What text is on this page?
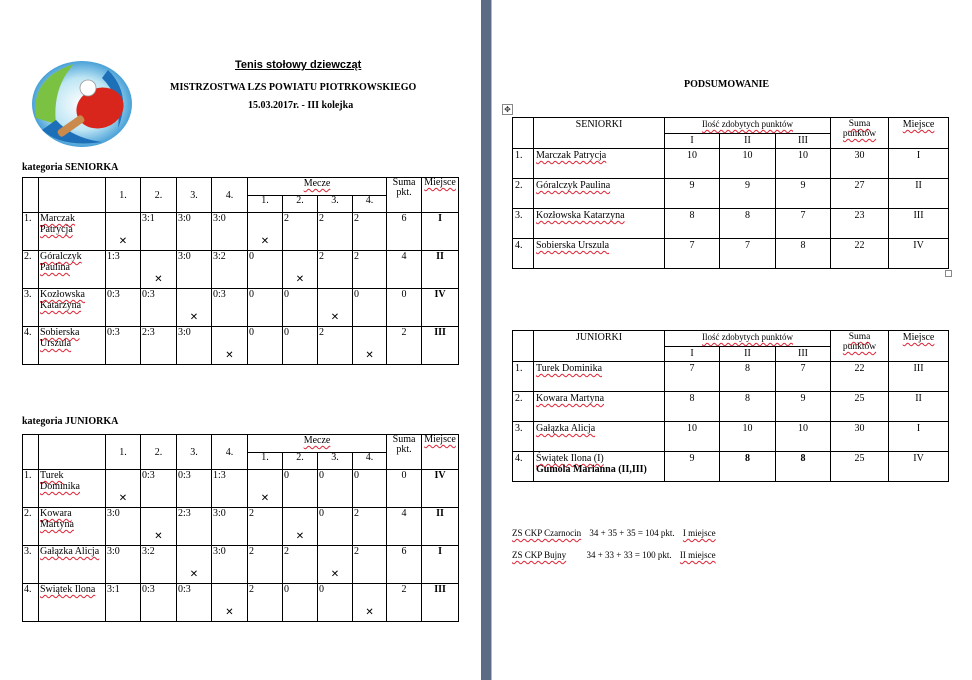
Tenis stołowy dziewcząt
MISTRZOSTWA LZS POWIATU PIOTRKOWSKIEGO
15.03.2017r. - III kolejka
kategoria SENIORKA
		1.	2.	3.	4.	Mecze				Suma pkt.	Miejsce
						1.	2.	3.	4.		
1.	Marczak Patrycja	✕	3:1	3:0	3:0	✕	2	2	2	6	I
2.	Góralczyk Paulina	1:3	✕	3:0	3:2	0	✕	2	2	4	II
3.	Kozłowska Katarzyna	0:3	0:3	✕	0:3	0	0	✕	0	0	IV
4.	Sobierska Urszula	0:3	2:3	3:0	✕	0	0	2	✕	2	III
kategoria JUNIORKA
		1.	2.	3.	4.	Mecze				Suma pkt.	Miejsce
						1.	2.	3.	4.		
1.	Turek Dominika	✕	0:3	0:3	1:3	✕	0	0	0	0	IV
2.	Kowara Martyna	3:0	✕	2:3	3:0	2	✕	0	2	4	II
3.	Gałązka Alicja	3:0	3:2	✕	3:0	2	2	✕	2	6	I
4.	Świątek Ilona	3:1	0:3	0:3	✕	2	0	0	✕	2	III
PODSUMOWANIE
✥
	SENIORKI	Ilość zdobytych punktów			Suma punktów	Miejsce
		I	II	III		
1.	Marczak Patrycja	10	10	10	30	I
2.	Góralczyk Paulina	9	9	9	27	II
3.	Kozłowska Katarzyna	8	8	7	23	III
4.	Sobierska Urszula	7	7	8	22	IV
	JUNIORKI	Ilość zdobytych punktów			Suma punktów	Miejsce
		I	II	III		
1.	Turek Dominika	7	8	7	22	III
2.	Kowara Martyna	8	8	9	25	II
3.	Gałązka Alicja	10	10	10	30	I
4.	Świątek Ilona (I)
Gumola Marianna (II,III)	9	8	8	25	IV
ZS CKP Czarnocin 34 + 35 + 35 = 104 pkt. I miejsce
ZS CKP Bujny 34 + 33 + 33 = 100 pkt. II miejsce
